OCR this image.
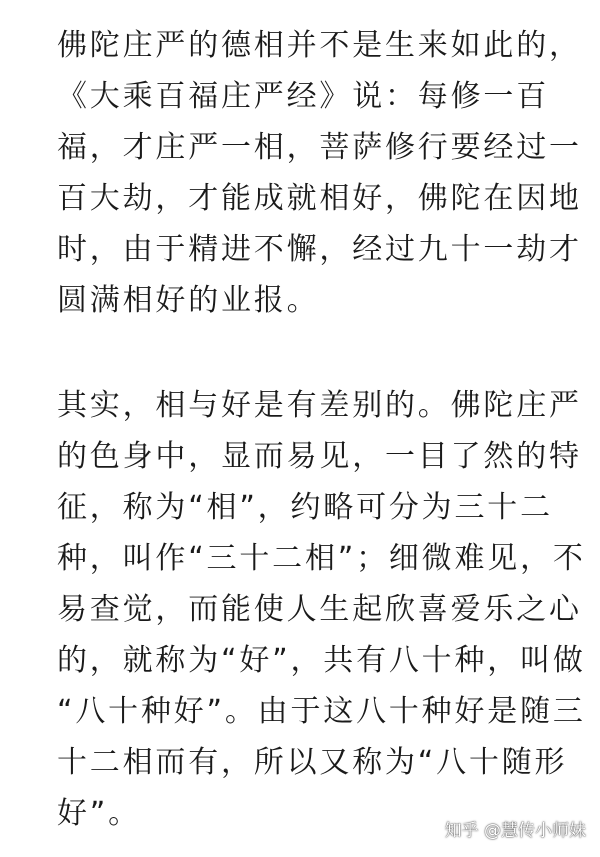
佛陀庄严的德相并不是生来如此的，
《大乘百福庄严经》说：每修一百
福，才庄严一相，菩萨修行要经过一
百大劫，才能成就相好，佛陀在因地
时，由于精进不懈，经过九十一劫才
圆满相好的业报。
其实，相与好是有差别的。佛陀庄严
的色身中，显而易见，一目了然的特
征，称为“相”，约略可分为三十二
种，叫作“三十二相”；细微难见，不
易查觉，而能使人生起欣喜爱乐之心
的，就称为“好”，共有八十种，叫做
“八十种好”。由于这八十种好是随三
十二相而有，所以又称为“八十随形
好”。	知乎 @慧传小师妹
